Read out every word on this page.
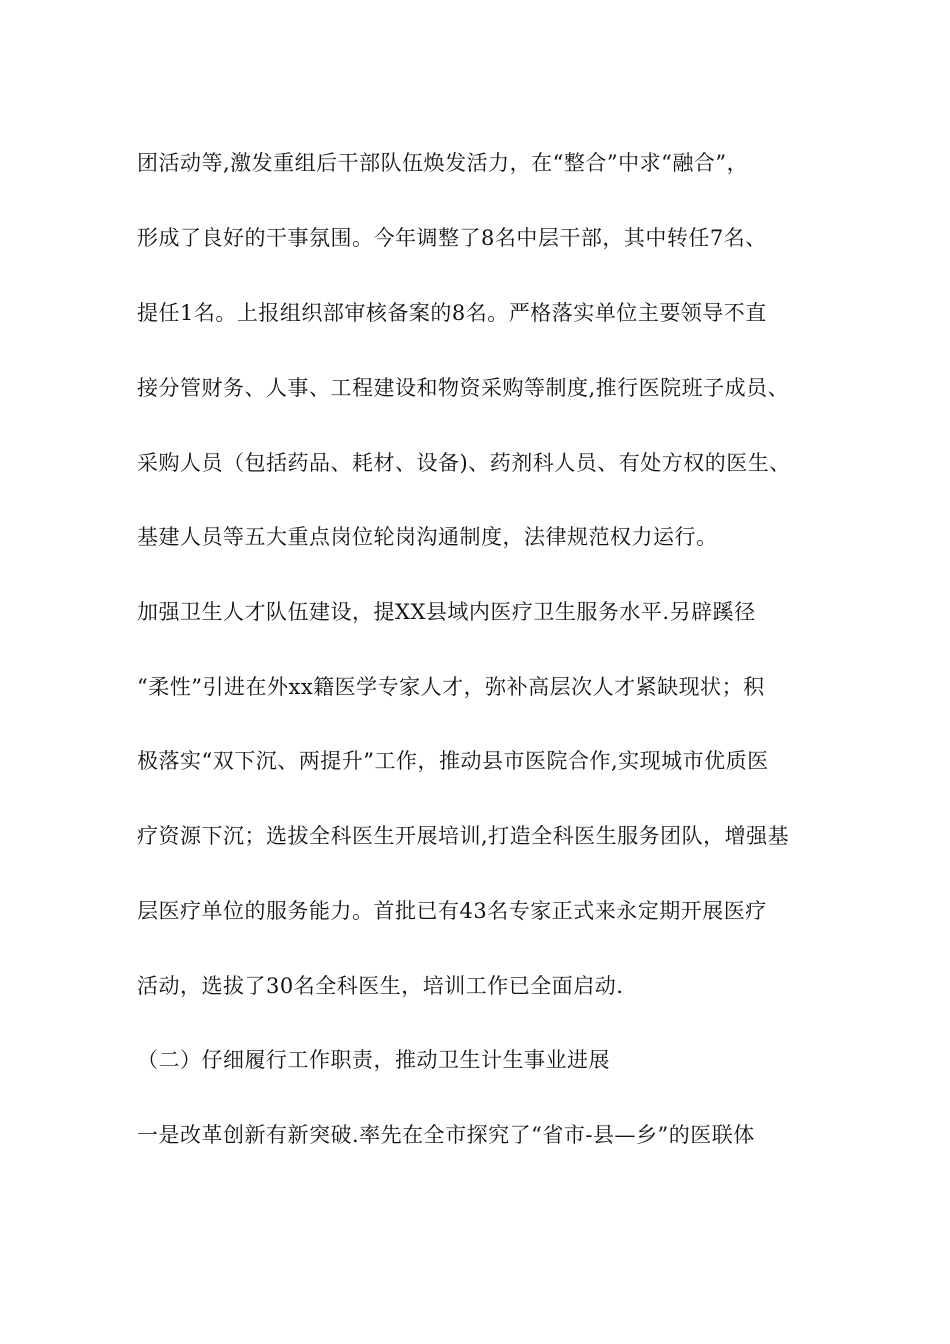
团活动等,激发重组后干部队伍焕发活力，在“整合”中求“融合”，
形成了良好的干事氛围。今年调整了8名中层干部，其中转任7名、
提任1名。上报组织部审核备案的8名。严格落实单位主要领导不直
接分管财务、人事、工程建设和物资采购等制度,推行医院班子成员、
采购人员（包括药品、耗材、设备)、药剂科人员、有处方权的医生、
基建人员等五大重点岗位轮岗沟通制度，法律规范权力运行。
加强卫生人才队伍建设，提XX县域内医疗卫生服务水平.另辟蹊径
“柔性”引进在外xx籍医学专家人才，弥补高层次人才紧缺现状；积
极落实“双下沉、两提升”工作，推动县市医院合作,实现城市优质医
疗资源下沉；选拔全科医生开展培训,打造全科医生服务团队，增强基
层医疗单位的服务能力。首批已有43名专家正式来永定期开展医疗
活动，选拔了30名全科医生，培训工作已全面启动.
（二）仔细履行工作职责，推动卫生计生事业进展
一是改革创新有新突破.率先在全市探究了“省市-县—乡”的医联体
